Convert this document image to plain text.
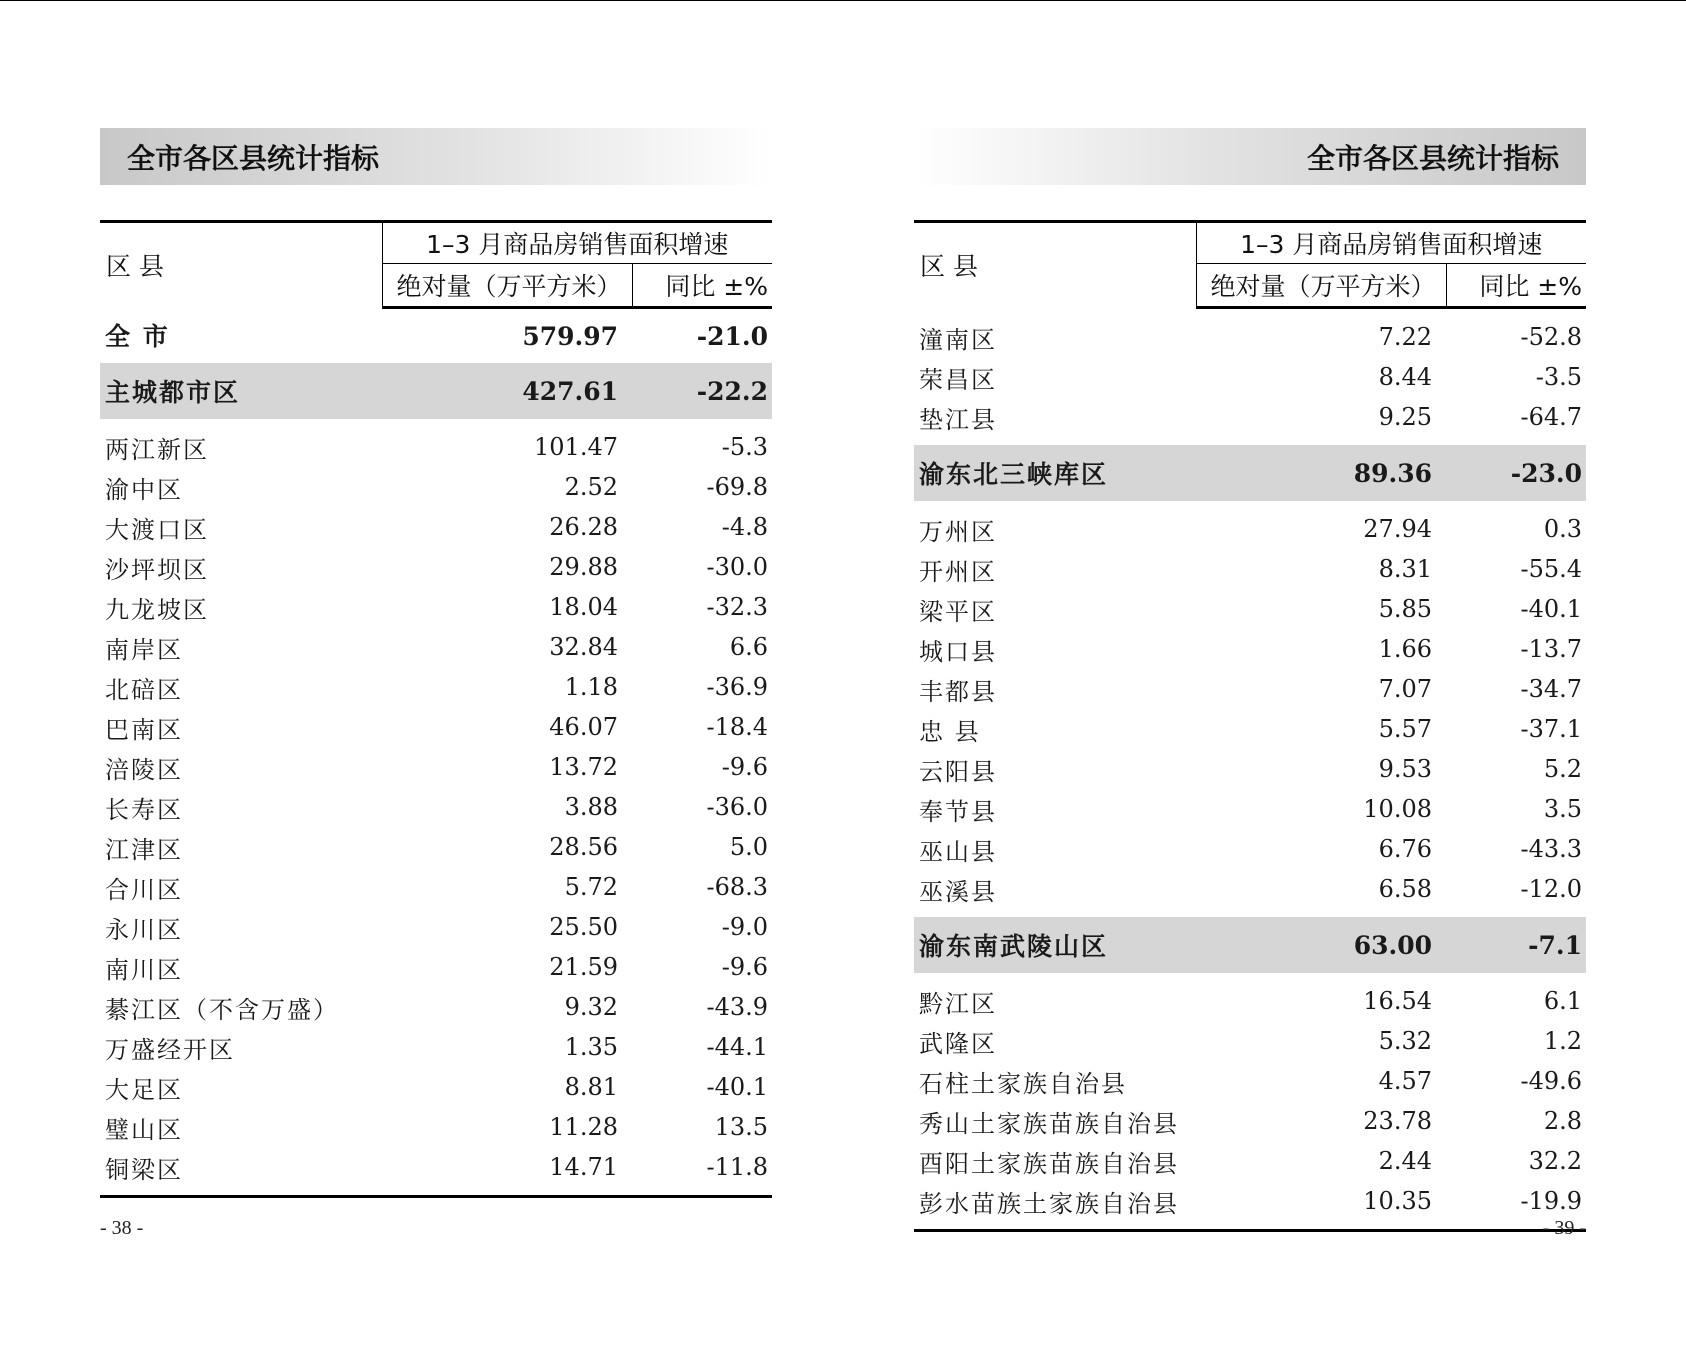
全市各区县统计指标
区 县	1–3 月商品房销售面积增速	
	绝对量（万平方米）	同比 ±%
全 市	579.97	-21.0
主城都市区	427.61	-22.2

两江新区	101.47	-5.3
渝中区	2.52	-69.8
大渡口区	26.28	-4.8
沙坪坝区	29.88	-30.0
九龙坡区	18.04	-32.3
南岸区	32.84	6.6
北碚区	1.18	-36.9
巴南区	46.07	-18.4
涪陵区	13.72	-9.6
长寿区	3.88	-36.0
江津区	28.56	5.0
合川区	5.72	-68.3
永川区	25.50	-9.0
南川区	21.59	-9.6
綦江区（不含万盛）	9.32	-43.9
万盛经开区	1.35	-44.1
大足区	8.81	-40.1
璧山区	11.28	13.5
铜梁区	14.71	-11.8

- 38 -
全市各区县统计指标
区 县	1–3 月商品房销售面积增速	
	绝对量（万平方米）	同比 ±%

潼南区	7.22	-52.8
荣昌区	8.44	-3.5
垫江县	9.25	-64.7

渝东北三峡库区	89.36	-23.0

万州区	27.94	0.3
开州区	8.31	-55.4
梁平区	5.85	-40.1
城口县	1.66	-13.7
丰都县	7.07	-34.7
忠 县	5.57	-37.1
云阳县	9.53	5.2
奉节县	10.08	3.5
巫山县	6.76	-43.3
巫溪县	6.58	-12.0

渝东南武陵山区	63.00	-7.1

黔江区	16.54	6.1
武隆区	5.32	1.2
石柱土家族自治县	4.57	-49.6
秀山土家族苗族自治县	23.78	2.8
酉阳土家族苗族自治县	2.44	32.2
彭水苗族土家族自治县	10.35	-19.9

- 39 -
